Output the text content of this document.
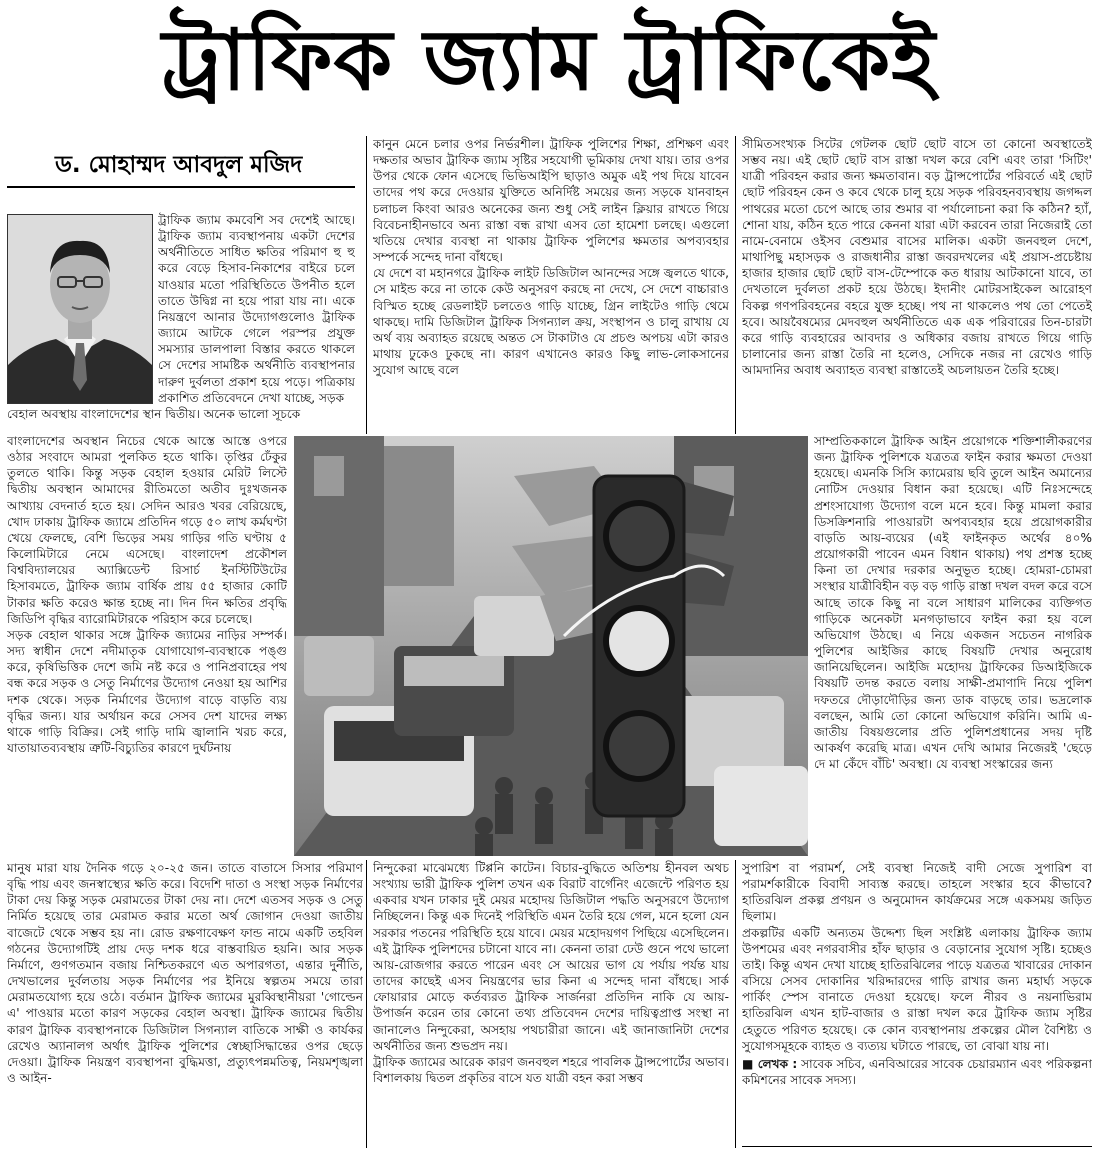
ট্রাফিক জ্যাম ট্রাফিকেই
ড. মোহাম্মদ আবদুল মজিদ

ট্রাফিক জ্যাম কমবেশি সব দেশেই আছে। ট্রাফিক জ্যাম ব্যবস্থাপনায় একটা দেশের অর্থনীতিতে সাধিত ক্ষতির পরিমাণ হু হু করে বেড়ে হিসাব-নিকাশের বাইরে চলে যাওয়ার মতো পরিস্থিতিতে উপনীত হলে তাতে উদ্বিগ্ন না হয়ে পারা যায় না। একে নিয়ন্ত্রণে আনার উদ্যোগগুলোও ট্রাফিক জ্যামে আটকে গেলে পরস্পর প্রযুক্ত সমস্যার ডালপালা বিস্তার করতে থাকলে সে দেশের সামষ্টিক অর্থনীতি ব্যবস্থাপনার দারুণ দুর্বলতা প্রকাশ হয়ে পড়ে। পত্রিকায় প্রকাশিত প্রতিবেদনে দেখা যাচ্ছে, সড়ক

বেহাল অবস্থায় বাংলাদেশের স্থান দ্বিতীয়। অনেক ভালো সূচকে

বাংলাদেশের অবস্থান নিচের থেকে আস্তে আস্তে ওপরে ওঠার সংবাদে আমরা পুলকিত হতে থাকি। তৃপ্তির ঢেঁকুর তুলতে থাকি। কিন্তু সড়ক বেহাল হওয়ার মেরিট লিস্টে দ্বিতীয় অবস্থান আমাদের রীতিমতো অতীব দুঃখজনক আখ্যায় বেদনার্ত হতে হয়। সেদিন আরও খবর বেরিয়েছে, খোদ ঢাকায় ট্রাফিক জ্যামে প্রতিদিন গড়ে ৫০ লাখ কর্মঘণ্টা খেয়ে ফেলছে, বেশি ভিড়ের সময় গাড়ির গতি ঘণ্টায় ৫ কিলোমিটারে নেমে এসেছে। বাংলাদেশ প্রকৌশল বিশ্ববিদ্যালয়ের অ্যাক্সিডেন্ট রিসার্চ ইনস্টিটিউটের হিসাবমতে, ট্রাফিক জ্যাম বার্ষিক প্রায় ৫৫ হাজার কোটি টাকার ক্ষতি করেও ক্ষান্ত হচ্ছে না। দিন দিন ক্ষতির প্রবৃদ্ধি জিডিপি বৃদ্ধির ব্যারোমিটারকে পরিহাস করে চলেছে।

সড়ক বেহাল থাকার সঙ্গে ট্রাফিক জ্যামের নাড়ির সম্পর্ক। সদ্য স্বাধীন দেশে নদীমাতৃক যোগাযোগ-ব্যবস্থাকে পঙ্গু করে, কৃষিভিত্তিক দেশে জমি নষ্ট করে ও পানিপ্রবাহের পথ বন্ধ করে সড়ক ও সেতু নির্মাণের উদ্যোগ নেওয়া হয় আশির দশক থেকে। সড়ক নির্মাণের উদ্যোগ বাড়ে বাড়তি ব্যয় বৃদ্ধির জন্য। যার অর্থায়ন করে সেসব দেশ যাদের লক্ষ্য থাকে গাড়ি বিক্রির। সেই গাড়ি দামি জ্বালানি খরচ করে, যাতায়াতব্যবস্থায় ত্রুটি-বিচ্যুতির কারণে দুর্ঘটনায়

কানুন মেনে চলার ওপর নির্ভরশীল। ট্রাফিক পুলিশের শিক্ষা, প্রশিক্ষণ এবং দক্ষতার অভাব ট্রাফিক জ্যাম সৃষ্টির সহযোগী ভূমিকায় দেখা যায়। তার ওপর উপর থেকে ফোন এসেছে ভিভিআইপি ছাড়াও অমুক এই পথ দিয়ে যাবেন তাদের পথ করে দেওয়ার যুক্তিতে অনির্দিষ্ট সময়ের জন্য সড়কে যানবাহন চলাচল কিংবা আরও অনেকের জন্য শুধু সেই লাইন ক্লিয়ার রাখতে গিয়ে বিবেচনাহীনভাবে অন্য রাস্তা বন্ধ রাখা এসব তো হামেশা চলছে। এগুলো খতিয়ে দেখার ব্যবস্থা না থাকায় ট্রাফিক পুলিশের ক্ষমতার অপব্যবহার সম্পর্কে সন্দেহ দানা বাঁধছে।

যে দেশে বা মহানগরে ট্রাফিক লাইট ডিজিটাল আনন্দের সঙ্গে জ্বলতে থাকে, সে মাইন্ড করে না তাকে কেউ অনুসরণ করছে না দেখে, সে দেশে বাচ্চারাও বিস্মিত হচ্ছে রেডলাইট চলতেও গাড়ি যাচ্ছে, গ্রিন লাইটেও গাড়ি থেমে থাকছে। দামি ডিজিটাল ট্রাফিক সিগন্যাল ক্রয়, সংস্থাপন ও চালু রাখায় যে অর্থ ব্যয় অব্যাহত রয়েছে অন্তত সে টাকাটাও যে প্রচণ্ড অপচয় এটা কারও মাথায় ঢুকেও ঢুকছে না। কারণ এখানেও কারও কিছু লাভ-লোকসানের সুযোগ আছে বলে

সীমিতসংখ্যক সিটের গেটলক ছোট ছোট বাসে তা কোনো অবস্থাতেই সম্ভব নয়। এই ছোট ছোট বাস রাস্তা দখল করে বেশি এবং তারা 'সিটিং' যাত্রী পরিবহন করার জন্য ক্ষমতাবান। বড় ট্রান্সপোর্টের পরিবর্তে এই ছোট ছোট পরিবহন কেন ও কবে থেকে চালু হয়ে সড়ক পরিবহনব্যবস্থায় জগদ্দল পাথরের মতো চেপে আছে তার শুমার বা পর্যালোচনা করা কি কঠিন? হ্যাঁ, শোনা যায়, কঠিন হতে পারে কেননা যারা এটা করবেন তারা নিজেরাই তো নামে-বেনামে ওইসব বেশুমার বাসের মালিক। একটা জনবহুল দেশে, মাথাপিছু মহাসড়ক ও রাজধানীর রাস্তা জবরদখলের এই প্রয়াস-প্রচেষ্টায় হাজার হাজার ছোট ছোট বাস-টেম্পোকে কত ধারায় আটকানো যাবে, তা দেখতালে দুর্বলতা প্রকট হয়ে উঠছে। ইদানীং মোটরসাইকেল আরোহণ বিকল্প গণপরিবহনের বহরে যুক্ত হচ্ছে। পথ না থাকলেও পথ তো পেতেই হবে। আয়বৈষম্যের মেদবহুল অর্থনীতিতে এক এক পরিবারের তিন-চারটা করে গাড়ি ব্যবহারের আবদার ও অধিকার বজায় রাখতে গিয়ে গাড়ি চালানোর জন্য রাস্তা তৈরি না হলেও, সেদিকে নজর না রেখেও গাড়ি আমদানির অবাধ অব্যাহত ব্যবস্থা রাস্তাতেই অচলায়তন তৈরি হচ্ছে।

সাম্প্রতিককালে ট্রাফিক আইন প্রয়োগকে শক্তিশালীকরণের জন্য ট্রাফিক পুলিশকে যত্রতত্র ফাইন করার ক্ষমতা দেওয়া হয়েছে। এমনকি সিসি ক্যামেরায় ছবি তুলে আইন অমান্যের নোটিস দেওয়ার বিধান করা হয়েছে। এটি নিঃসন্দেহে প্রশংসাযোগ্য উদ্যোগ বলে মনে হবে। কিন্তু মামলা করার ডিসক্রিশনারি পাওয়ারটা অপব্যবহার হয়ে প্রয়োগকারীর বাড়তি আয়-ব্যয়ের (এই ফাইনকৃত অর্থের ৪০% প্রয়োগকারী পাবেন এমন বিধান থাকায়) পথ প্রশস্ত হচ্ছে কিনা তা দেখার দরকার অনুভূত হচ্ছে। হোমরা-চোমরা সংস্থার যাত্রীবিহীন বড় বড় গাড়ি রাস্তা দখল বদল করে বসে আছে তাকে কিছু না বলে সাধারণ মালিকের ব্যক্তিগত গাড়িকে অনেকটা মনগড়াভাবে ফাইন করা হয় বলে অভিযোগ উঠছে। এ নিয়ে একজন সচেতন নাগরিক পুলিশের আইজির কাছে বিষয়টি দেখার অনুরোধ জানিয়েছিলেন। আইজি মহোদয় ট্রাফিকের ডিআইজিকে বিষয়টি তদন্ত করতে বলায় সাক্ষী-প্রমাণাদি নিয়ে পুলিশ দফতরে দৌড়াদৌড়ির জন্য ডাক বাড়ছে তার। ভদ্রলোক বলছেন, আমি তো কোনো অভিযোগ করিনি। আমি এ-জাতীয় বিষয়গুলোর প্রতি পুলিশপ্রধানের সদয় দৃষ্টি আকর্ষণ করেছি মাত্র। এখন দেখি আমার নিজেরই 'ছেড়ে দে মা কেঁদে বাঁচি' অবস্থা। যে ব্যবস্থা সংস্কারের জন্য

মানুষ মারা যায় দৈনিক গড়ে ২০-২৫ জন। তাতে বাতাসে সিসার পরিমাণ বৃদ্ধি পায় এবং জনস্বাস্থ্যের ক্ষতি করে। বিদেশি দাতা ও সংস্থা সড়ক নির্মাণের টাকা দেয় কিন্তু সড়ক মেরামতের টাকা দেয় না। দেশে এতসব সড়ক ও সেতু নির্মিত হয়েছে তার মেরামত করার মতো অর্থ জোগান দেওয়া জাতীয় বাজেটে থেকে সম্ভব হয় না। রোড রক্ষণাবেক্ষণ ফান্ড নামে একটি তহবিল গঠনের উদ্যোগটিই প্রায় দেড় দশক ধরে বাস্তবায়িত হয়নি। আর সড়ক নির্মাণে, গুণগতমান বজায় নিশ্চিতকরণে এত অপারগতা, এন্তার দুর্নীতি, দেখভালের দুর্বলতায় সড়ক নির্মাণের পর ইনিয়ে স্বল্পতম সময়ে তারা মেরামতযোগ্য হয়ে ওঠে। বর্তমান ট্রাফিক জ্যামের মুরব্বিস্থানীয়রা 'গোল্ডেন এ' পাওয়ার মতো কারণ সড়কের বেহাল অবস্থা। ট্রাফিক জ্যামের দ্বিতীয় কারণ ট্রাফিক ব্যবস্থাপনাকে ডিজিটাল সিগন্যাল বাতিকে সাক্ষী ও কার্যকর রেখেও অ্যানালগ অর্থাৎ ট্রাফিক পুলিশের স্বেচ্ছাসিদ্ধান্তের ওপর ছেড়ে দেওয়া। ট্রাফিক নিয়ন্ত্রণ ব্যবস্থাপনা বুদ্ধিমত্তা, প্রত্যুৎপন্নমতিত্ব, নিয়মশৃঙ্খলা ও আইন-

নিন্দুকেরা মাঝেমধ্যে টিপ্পনি কাটেন। বিচার-বুদ্ধিতে অতিশয় হীনবল অথচ সংখ্যায় ভারী ট্রাফিক পুলিশ তখন এক বিরাট বার্গেনিং এজেন্টে পরিণত হয় একবার যখন ঢাকার দুই মেয়র মহোদয় ডিজিটাল পদ্ধতি অনুসরণে উদ্যোগ নিচ্ছিলেন। কিন্তু এক দিনেই পরিস্থিতি এমন তৈরি হয়ে গেল, মনে হলো যেন সরকার পতনের পরিস্থিতি হয়ে যাবে। মেয়র মহোদয়গণ পিছিয়ে এসেছিলেন। এই ট্রাফিক পুলিশদের চটানো যাবে না। কেননা তারা ঢেউ গুনে পথে ভালো আয়-রোজগার করতে পারেন এবং সে আয়ের ভাগ যে পর্যায় পর্যন্ত যায় তাদের কাছেই এসব নিয়ন্ত্রণের ভার কিনা এ সন্দেহ দানা বাঁধছে। সার্ক ফোয়ারার মোড়ে কর্তব্যরত ট্রাফিক সার্জনরা প্রতিদিন নাকি যে আয়-উপার্জন করেন তার কোনো তথ্য প্রতিবেদন দেশের দায়িত্বপ্রাপ্ত সংস্থা না জানালেও নিন্দুকেরা, অসহায় পথচারীরা জানে। এই জানাজানিটা দেশের অর্থনীতির জন্য শুভপ্রদ নয়।

ট্রাফিক জ্যামের আরেক কারণ জনবহুল শহরে পাবলিক ট্রান্সপোর্টের অভাব। বিশালকায় দ্বিতল প্রকৃতির বাসে যত যাত্রী বহন করা সম্ভব

সুপারিশ বা পরামর্শ, সেই ব্যবস্থা নিজেই বাদী সেজে সুপারিশ বা পরামর্শকারীকে বিবাদী সাব্যস্ত করছে। তাহলে সংস্কার হবে কীভাবে? হাতিরঝিল প্রকল্প প্রণয়ন ও অনুমোদন কার্যক্রমের সঙ্গে একসময় জড়িত ছিলাম।

প্রকল্পটির একটি অন্যতম উদ্দেশ্য ছিল সংশ্লিষ্ট এলাকায় ট্রাফিক জ্যাম উপশমের এবং নগরবাসীর হাঁফ ছাড়ার ও বেড়ানোর সুযোগ সৃষ্টি। হচ্ছেও তাই। কিন্তু এখন দেখা যাচ্ছে হাতিরঝিলের পাড়ে যত্রতত্র খাবারের দোকান বসিয়ে সেসব দোকানির খরিদ্দারদের গাড়ি রাখার জন্য মহার্ঘ্য সড়কে পার্কিং স্পেস বানাতে দেওয়া হয়েছে। ফলে নীরব ও নয়নাভিরাম হাতিরঝিল এখন হাট-বাজার ও রাস্তা দখল করে ট্রাফিক জ্যাম সৃষ্টির হেতুতে পরিণত হয়েছে। কে কোন ব্যবস্থাপনায় প্রকল্পের মৌল বৈশিষ্ট্য ও সুযোগসমূহকে ব্যাহত ও ব্যত্যয় ঘটাতে পারছে, তা বোঝা যায় না।

■ লেখক : সাবেক সচিব, এনবিআরের সাবেক চেয়ারম্যান এবং পরিকল্পনা কমিশনের সাবেক সদস্য।
